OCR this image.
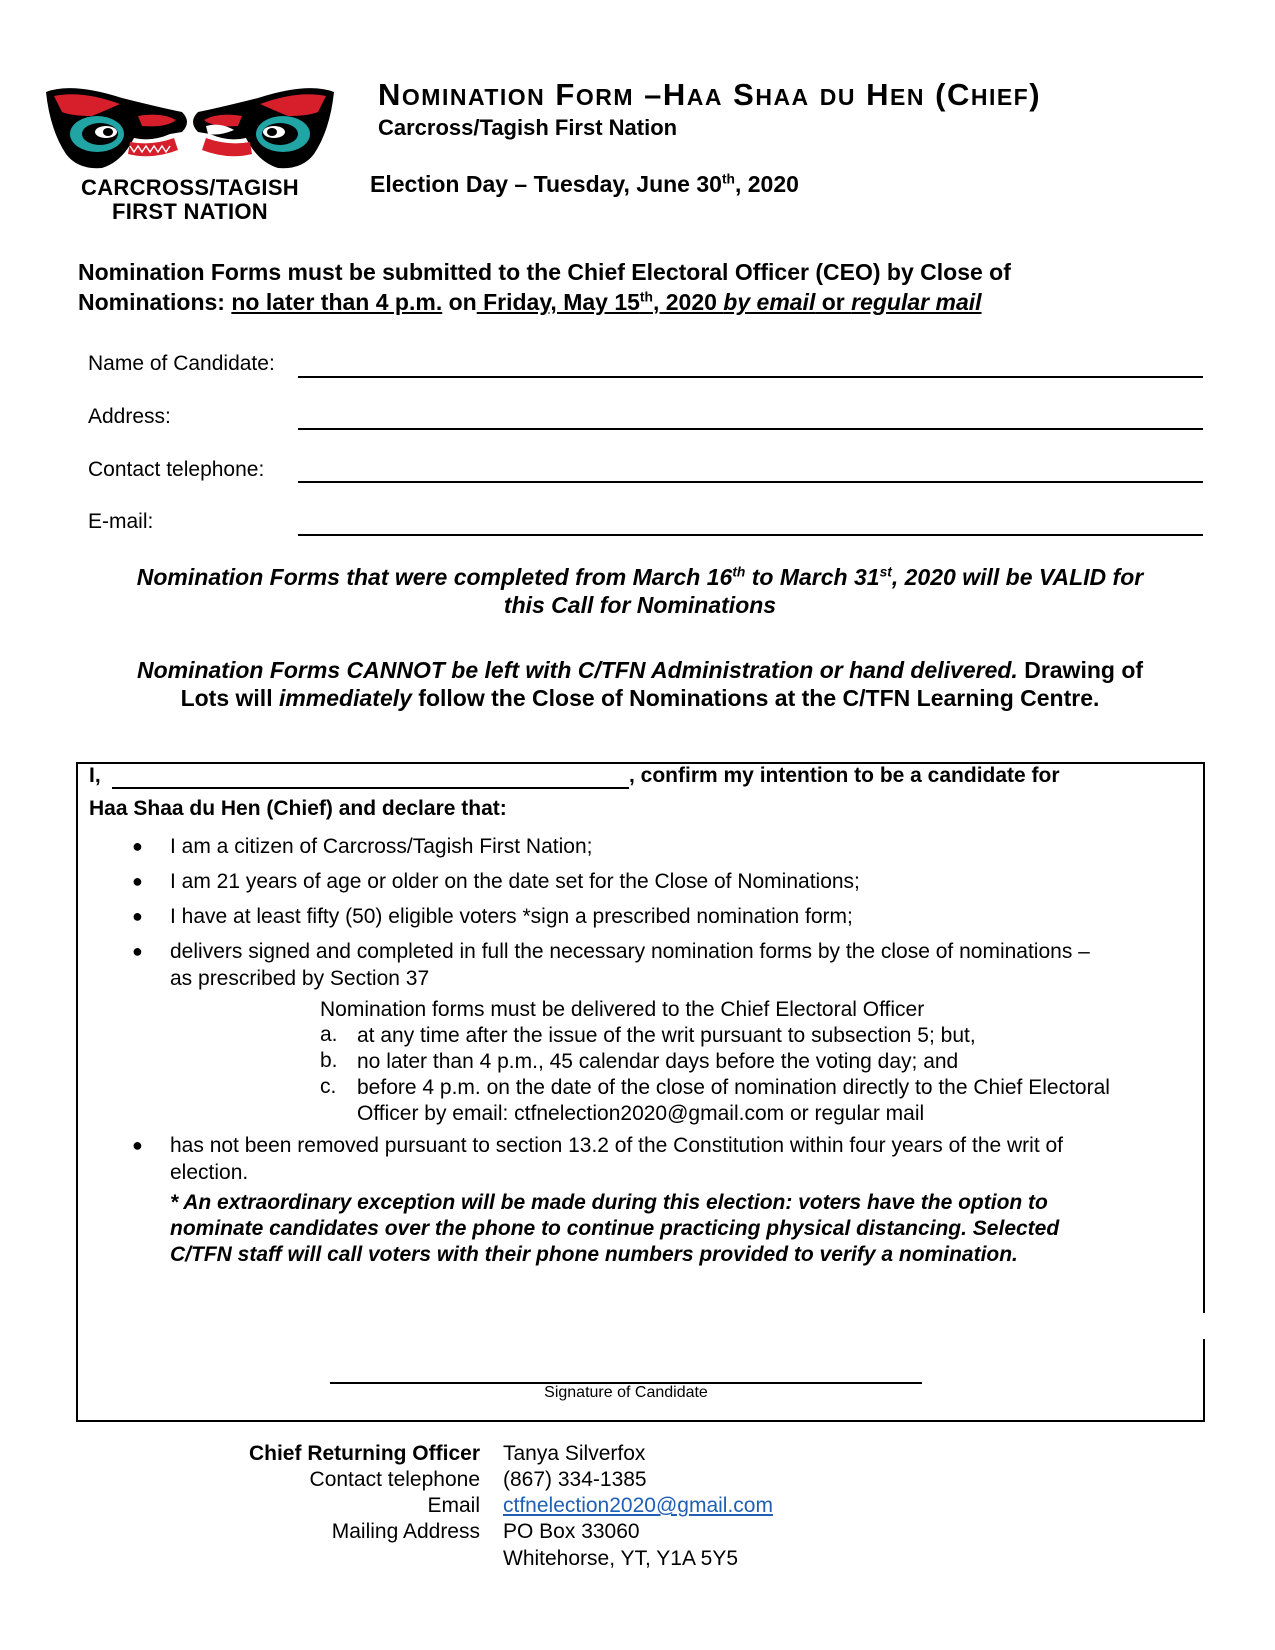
CARCROSS/TAGISH
FIRST NATION
NOMINATION FORM –HAA SHAA DU HEN (CHIEF)
Carcross/Tagish First Nation
Election Day – Tuesday, June 30th, 2020
Nomination Forms must be submitted to the Chief Electoral Officer (CEO) by Close of
Nominations: no later than 4 p.m. on Friday, May 15th, 2020 by email or regular mail
Name of Candidate:
Address:
Contact telephone:
E-mail:
Nomination Forms that were completed from March 16th to March 31st, 2020 will be VALID for
this Call for Nominations
Nomination Forms CANNOT be left with C/TFN Administration or hand delivered. Drawing of
Lots will immediately follow the Close of Nominations at the C/TFN Learning Centre.
I,	, confirm my intention to be a candidate for
Haa Shaa du Hen (Chief) and declare that:
● I am a citizen of Carcross/Tagish First Nation;
● I am 21 years of age or older on the date set for the Close of Nominations;
● I have at least fifty (50) eligible voters *sign a prescribed nomination form;
● delivers signed and completed in full the necessary nomination forms by the close of nominations –
as prescribed by Section 37
Nomination forms must be delivered to the Chief Electoral Officer
a. at any time after the issue of the writ pursuant to subsection 5; but,
b. no later than 4 p.m., 45 calendar days before the voting day; and
c. before 4 p.m. on the date of the close of nomination directly to the Chief Electoral
Officer by email: ctfnelection2020@gmail.com or regular mail
● has not been removed pursuant to section 13.2 of the Constitution within four years of the writ of
election.
* An extraordinary exception will be made during this election: voters have the option to
nominate candidates over the phone to continue practicing physical distancing. Selected
C/TFN staff will call voters with their phone numbers provided to verify a nomination.
Signature of Candidate
Chief Returning Officer Tanya Silverfox
Contact telephone (867) 334-1385
Email ctfnelection2020@gmail.com
Mailing Address PO Box 33060
Whitehorse, YT, Y1A 5Y5
